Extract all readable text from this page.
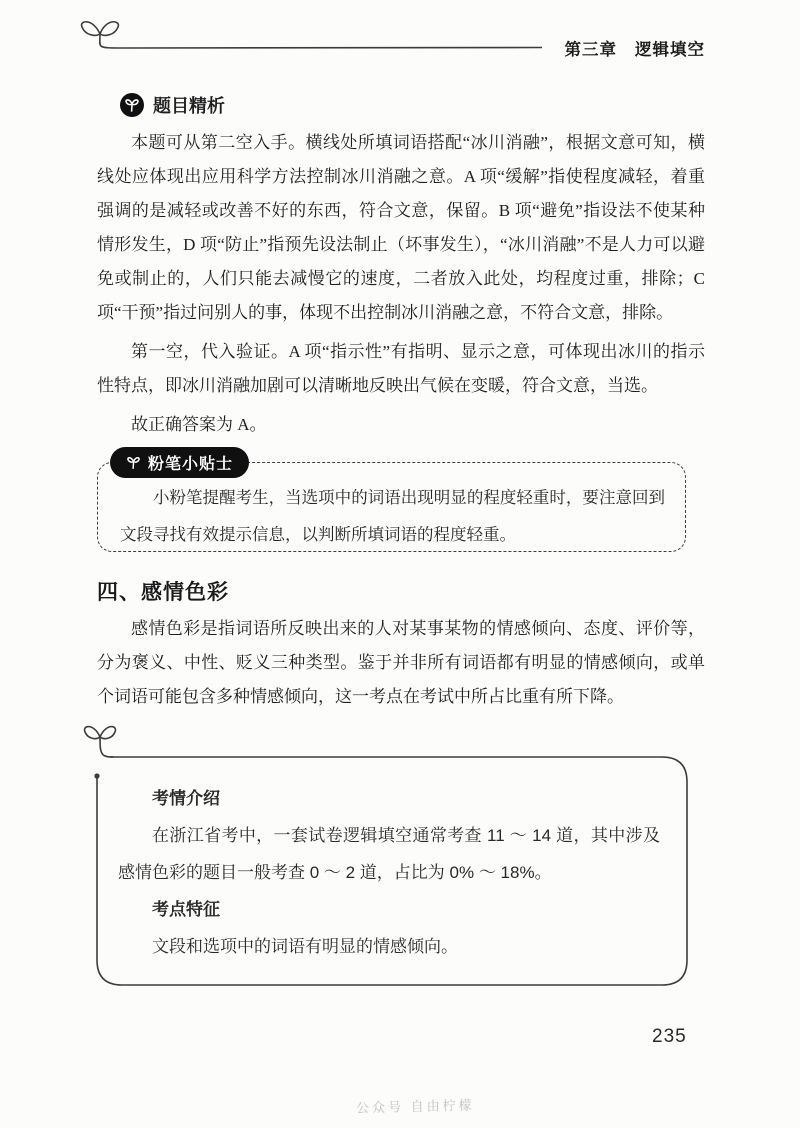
第三章 逻辑填空
题目精析

本题可从第二空入手。横线处所填词语搭配“冰川消融”，根据文意可知，横线处应体现出应用科学方法控制冰川消融之意。A 项“缓解”指使程度减轻，着重强调的是减轻或改善不好的东西，符合文意，保留。B 项“避免”指设法不使某种情形发生，D 项“防止”指预先设法制止（坏事发生），“冰川消融”不是人力可以避免或制止的，人们只能去减慢它的速度，二者放入此处，均程度过重，排除；C 项“干预”指过问别人的事，体现不出控制冰川消融之意，不符合文意，排除。

第一空，代入验证。A 项“指示性”有指明、显示之意，可体现出冰川的指示性特点，即冰川消融加剧可以清晰地反映出气候在变暖，符合文意，当选。

故正确答案为 A。

粉笔小贴士
小粉笔提醒考生，当选项中的词语出现明显的程度轻重时，要注意回到文段寻找有效提示信息，以判断所填词语的程度轻重。
四、感情色彩
感情色彩是指词语所反映出来的人对某事某物的情感倾向、态度、评价等，分为褒义、中性、贬义三种类型。鉴于并非所有词语都有明显的情感倾向，或单个词语可能包含多种情感倾向，这一考点在考试中所占比重有所下降。

考情介绍

在浙江省考中，一套试卷逻辑填空通常考查 11 ～ 14 道，其中涉及感情色彩的题目一般考查 0 ～ 2 道，占比为 0% ～ 18%。

考点特征

文段和选项中的词语有明显的情感倾向。

235
公众号 自由柠檬
